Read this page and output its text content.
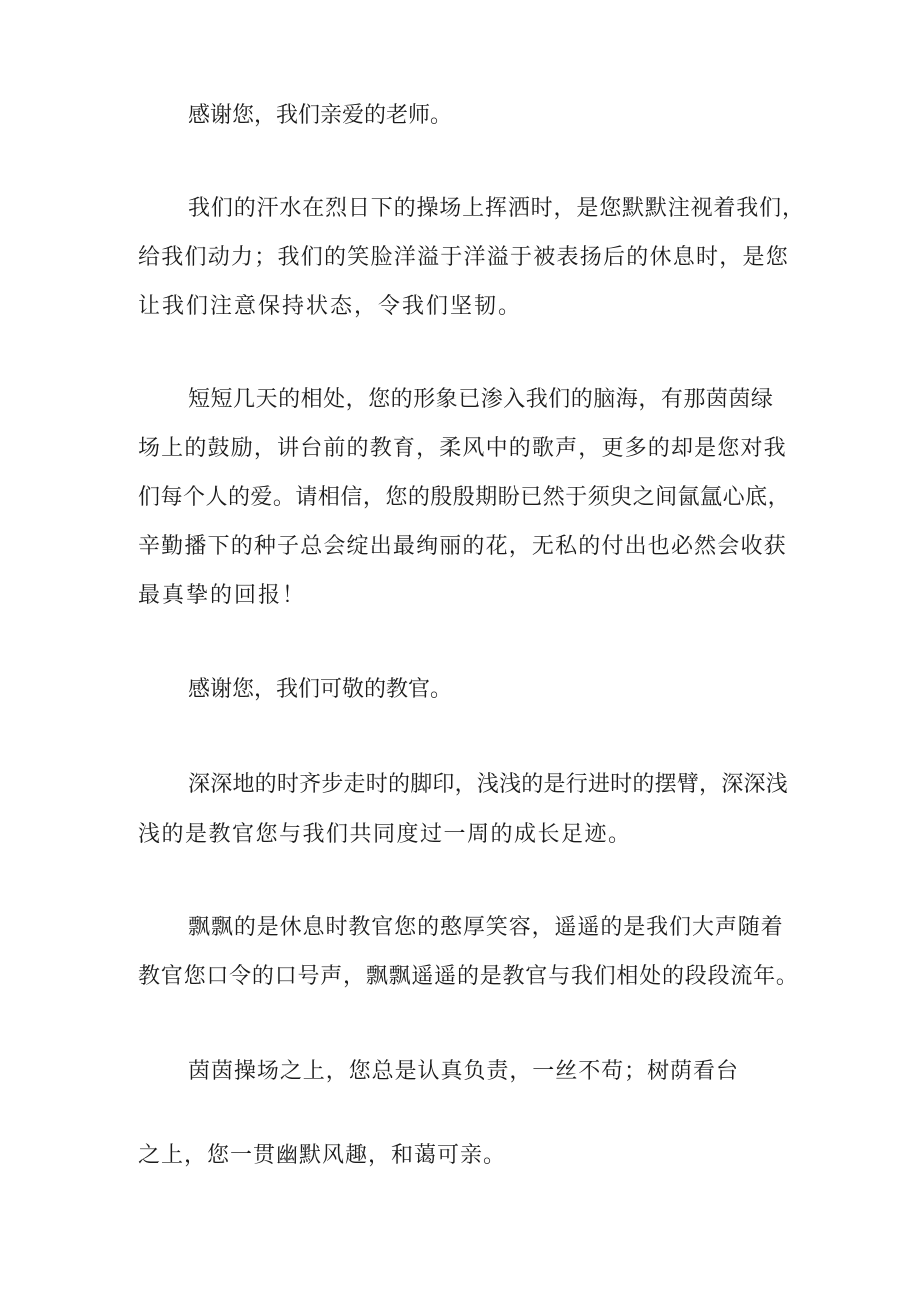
感谢您，我们亲爱的老师。
我 们 的 汗 水 在 烈 日 下 的 操 场 上 挥 洒 时 ， 是 您 默 默 注 视 着 我 们 ，
给 我 们 动 力 ； 我 们 的 笑 脸 洋 溢 于 洋 溢 于 被 表 扬 后 的 休 息 时 ， 是 您
让我们注意保持状态，令我们坚韧。
短 短 几 天 的 相 处 ， 您 的 形 象 已 渗 入 我 们 的 脑 海 ， 有 那 茵 茵 绿
场 上 的 鼓 励 ， 讲 台 前 的 教 育 ， 柔 风 中 的 歌 声 ， 更 多 的 却 是 您 对 我
们 每 个 人 的 爱 。 请 相 信 ， 您 的 殷 殷 期 盼 已 然 于 须 臾 之 间 氤 氲 心 底 ，
辛 勤 播 下 的 种 子 总 会 绽 出 最 绚 丽 的 花 ， 无 私 的 付 出 也 必 然 会 收 获
最真挚的回报！
感谢您，我们可敬的教官。
深 深 地 的 时 齐 步 走 时 的 脚 印 ， 浅 浅 的 是 行 进 时 的 摆 臂 ， 深 深 浅
浅的是教官您与我们共同度过一周的成长足迹。
飘 飘 的 是 休 息 时 教 官 您 的 憨 厚 笑 容 ， 遥 遥 的 是 我 们 大 声 随 着
教 官 您 口 令 的 口 号 声 ， 飘 飘 遥 遥 的 是 教 官 与 我 们 相 处 的 段 段 流 年 。
茵 茵 操 场 之 上 ， 您 总 是 认 真 负 责 ， 一 丝 不 苟 ； 树 荫 看 台
之上，您一贯幽默风趣，和蔼可亲。
